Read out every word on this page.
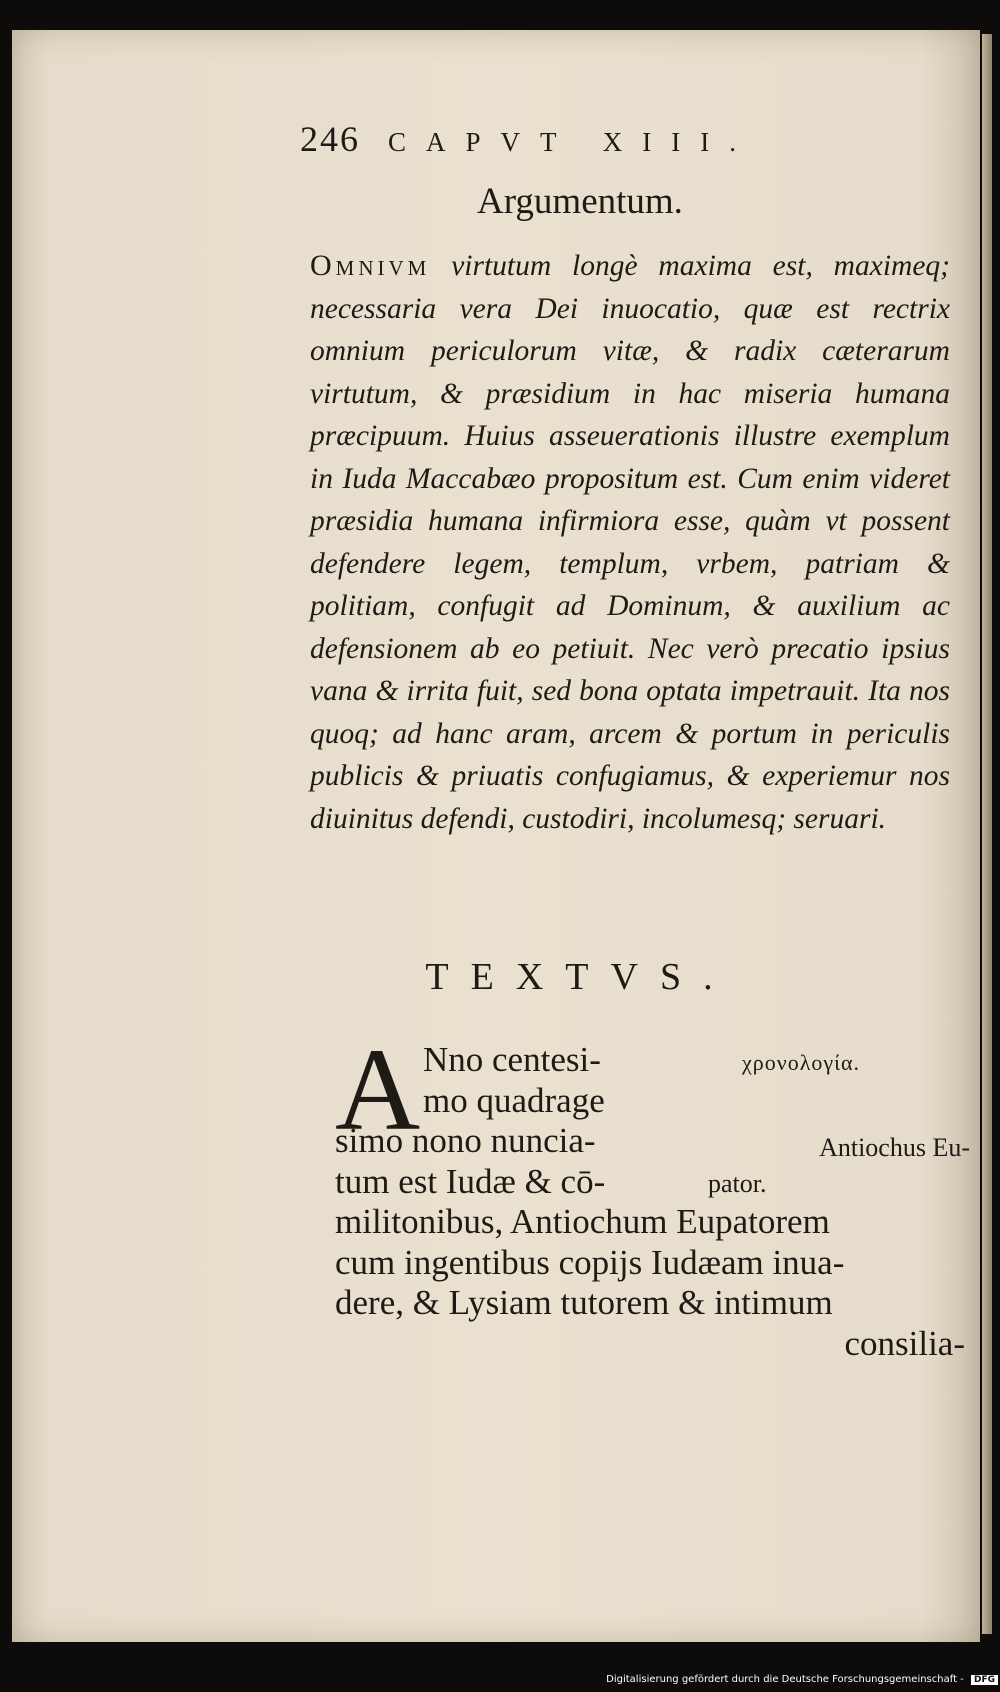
246 CAPVT XIII.
Argumentum.
Omnivm virtutum longè maxima est, maximeq; necessaria vera Dei inuocatio, quæ est rectrix omnium periculorum vitæ, & radix cæterarum virtutum, & præsidium in hac miseria humana præcipuum. Huius asseuerationis illustre exemplum in Iuda Maccabæo propositum est. Cum enim videret præsidia humana infirmiora esse, quàm vt possent defendere legem, templum, vrbem, patriam & politiam, confugit ad Dominum, & auxilium ac defensionem ab eo petiuit. Nec verò precatio ipsius vana & irrita fuit, sed bona optata impetrauit. Ita nos quoq; ad hanc aram, arcem & portum in periculis publicis & priuatis confugiamus, & experiemur nos diuinitus defendi, custodiri, incolumesq; seruari.
TEXTVS.
A Nno centesi-
mo quadrage
simo nono nuncia-
tum est Iudæ & cō-
militonibus, Antiochum Eupatorem
cum ingentibus copijs Iudæam inua-
dere, & Lysiam tutorem & intimum
consilia-
χρονολογία.
Antiochus Eu-
pator.
Digitalisierung gefördert durch die Deutsche Forschungsgemeinschaft - DFG
